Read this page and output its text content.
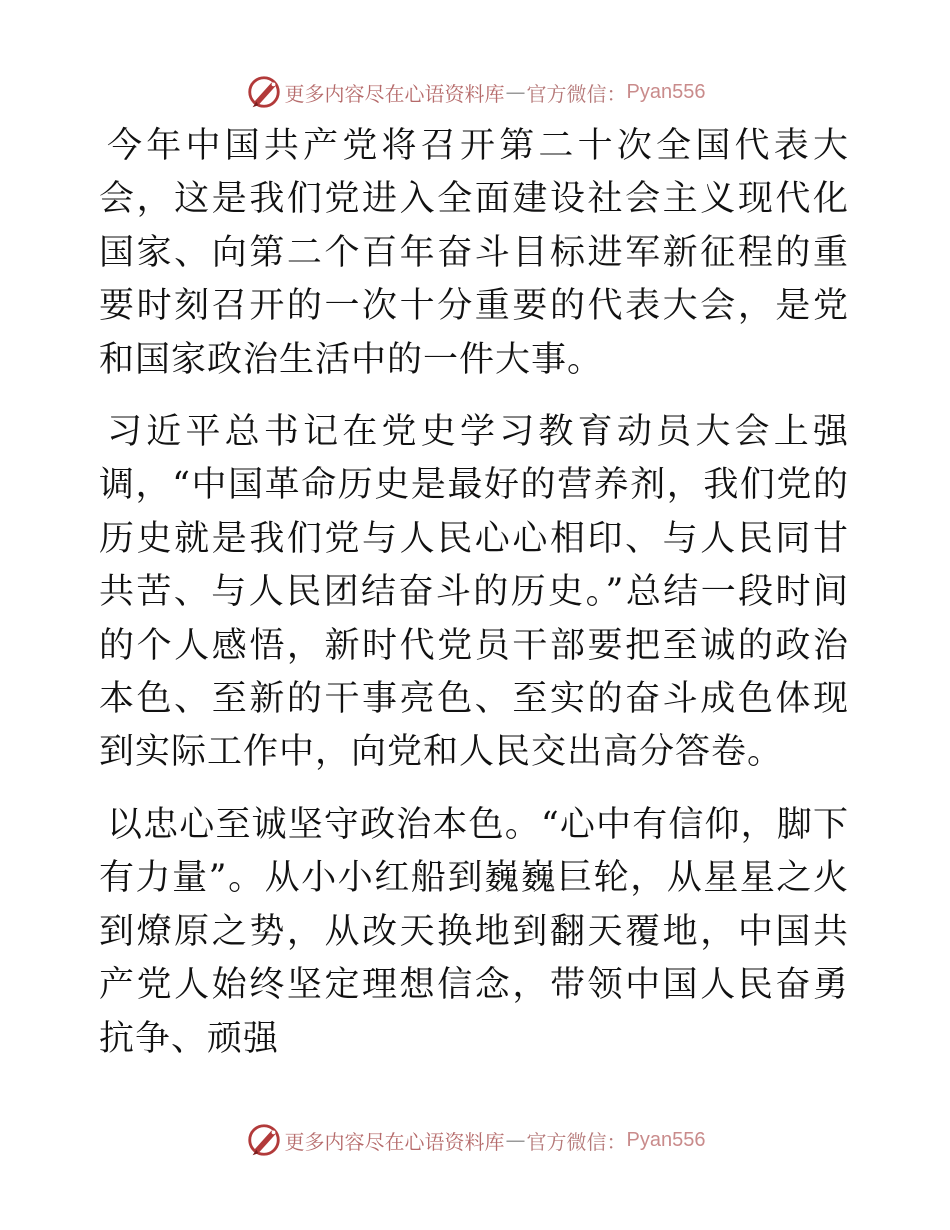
更多内容尽在心语资料库 — 官方微信： Pyan556

今年中国共产党将召开第二十次全国代表大会，这是我们党进入全面建设社会主义现代化国家、向第二个百年奋斗目标进军新征程的重要时刻召开的一次十分重要的代表大会，是党和国家政治生活中的一件大事。

习近平总书记在党史学习教育动员大会上强调，“中国革命历史是最好的营养剂，我们党的历史就是我们党与人民心心相印、与人民同甘共苦、与人民团结奋斗的历史。”总结一段时间的个人感悟，新时代党员干部要把至诚的政治本色、至新的干事亮色、至实的奋斗成色体现到实际工作中，向党和人民交出高分答卷。

以忠心至诚坚守政治本色。“心中有信仰，脚下有力量”。从小小红船到巍巍巨轮，从星星之火到燎原之势，从改天换地到翻天覆地，中国共产党人始终坚定理想信念，带领中国人民奋勇抗争、顽强

更多内容尽在心语资料库 — 官方微信： Pyan556
